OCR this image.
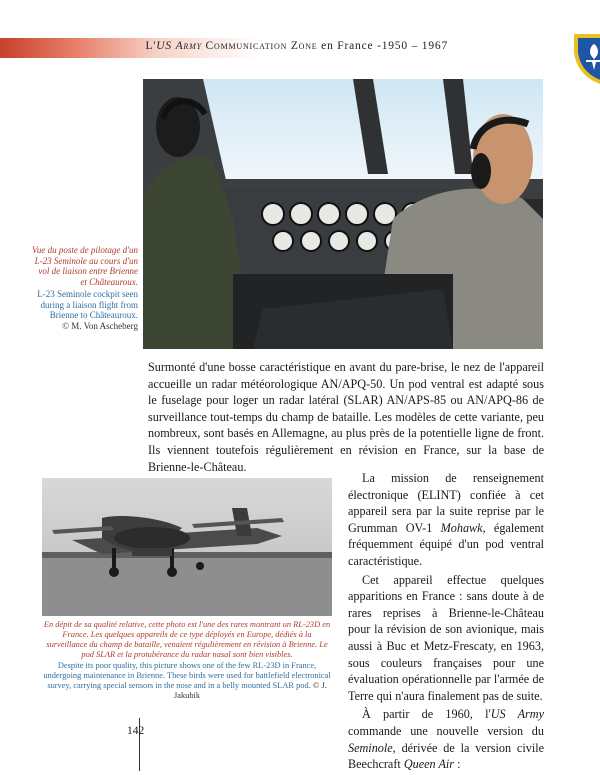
L'US Army Communication Zone en France -1950 – 1967
Vue du poste de pilotage d'un L-23 Seminole au cours d'un vol de liaison entre Brienne et Châteauroux.
L-23 Seminole cockpit seen during a liaison flight from Brienne to Châteauroux.
© M. Von Ascheberg
Surmonté d'une bosse caractéristique en avant du pare-brise, le nez de l'appareil accueille un radar météorologique AN/APQ-50. Un pod ventral est adapté sous le fuselage pour loger un radar latéral (SLAR) AN/APS-85 ou AN/APQ-86 de surveillance tout-temps du champ de bataille. Les modèles de cette variante, peu nombreux, sont basés en Allemagne, au plus près de la potentielle ligne de front. Ils viennent toutefois régulièrement en révision en France, sur la base de Brienne-le-Château.

La mission de renseignement électronique (ELINT) confiée à cet appareil sera par la suite reprise par le Grumman OV-1 Mohawk, également fréquemment équipé d'un pod ventral caractéristique.

Cet appareil effectue quelques apparitions en France : sans doute à de rares reprises à Brienne-le-Château pour la révision de son avionique, mais aussi à Buc et Metz-Frescaty, en 1963, sous couleurs françaises pour une évaluation opérationnelle par l'armée de Terre qui n'aura finalement pas de suite.

À partir de 1960, l'US Army commande une nouvelle version du Seminole, dérivée de la version civile Beechcraft Queen Air :

En dépit de sa qualité relative, cette photo est l'une des rares montrant un RL-23D en France. Les quelques appareils de ce type déployés en Europe, dédiés à la surveillance du champ de bataille, venaient régulièrement en révision à Brienne. Le pod SLAR et la protubérance du radar nasal sont bien visibles.
Despite its poor quality, this picture shows one of the few RL-23D in France, undergoing maintenance in Brienne. These birds were used for battlefield electronical survey, carrying special sensors in the nose and in a belly mounted SLAR pod. © J. Jakubik
142
